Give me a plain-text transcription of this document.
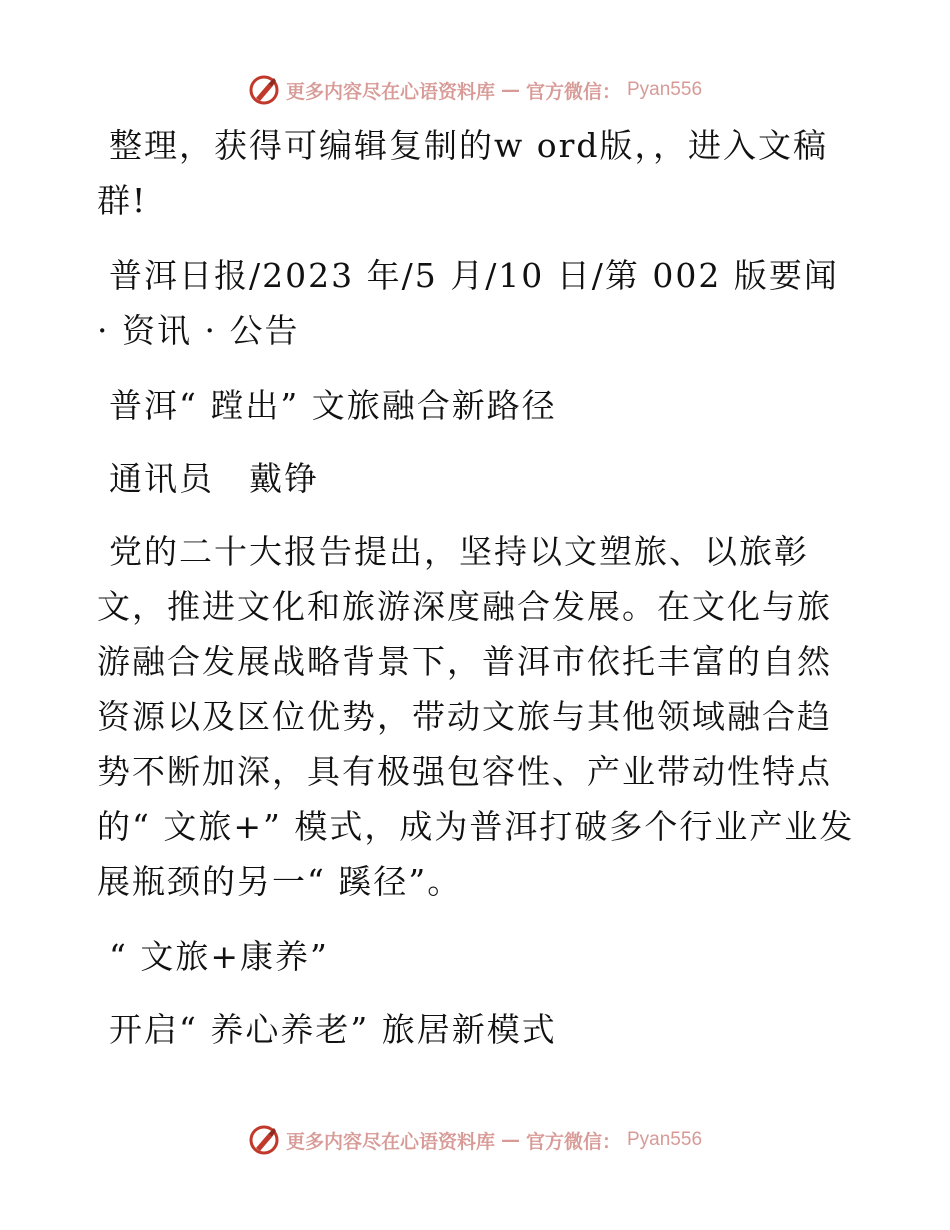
更多内容尽在心语资料库 — 官方微信： Pyan556

整理，获得可编辑复制的w ord版，，进入文稿群!

普洱日报/2023 年/5 月/10 日/第 002 版要闻 · 资讯 · 公告

普洱“ 蹚出” 文旅融合新路径

通讯员　戴铮

党的二十大报告提出，坚持以文塑旅、以旅彰文，推进文化和旅游深度融合发展。在文化与旅游融合发展战略背景下，普洱市依托丰富的自然资源以及区位优势，带动文旅与其他领域融合趋势不断加深，具有极强包容性、产业带动性特点的“ 文旅+” 模式，成为普洱打破多个行业产业发展瓶颈的另一“ 蹊径”。

“ 文旅+康养”

开启“ 养心养老” 旅居新模式

更多内容尽在心语资料库 — 官方微信： Pyan556
